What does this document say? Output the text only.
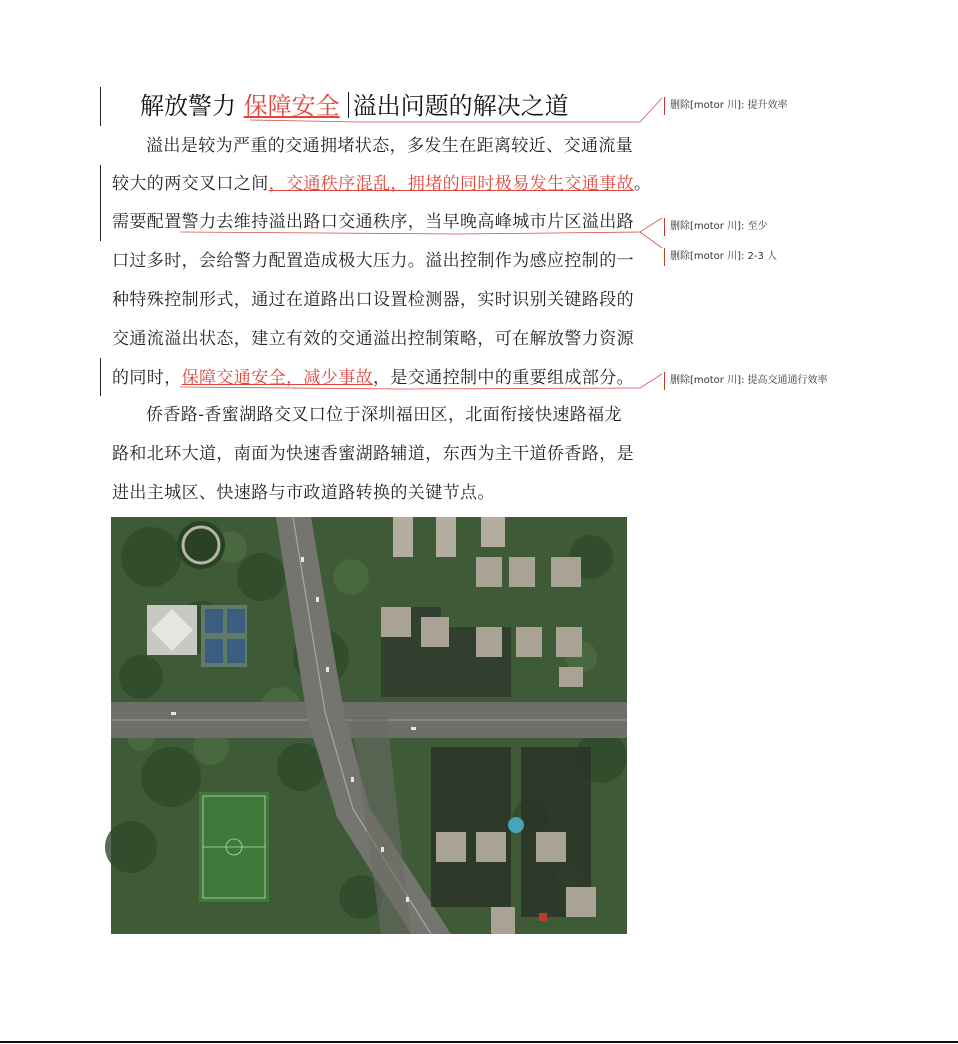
解放警力 保障安全 溢出问题的解决之道
溢出是较为严重的交通拥堵状态，多发生在距离较近、交通流量
较大的两交叉口之间，交通秩序混乱，拥堵的同时极易发生交通事故。
需要配置警力去维持溢出路口交通秩序，当早晚高峰城市片区溢出路
口过多时，会给警力配置造成极大压力。溢出控制作为感应控制的一
种特殊控制形式，通过在道路出口设置检测器，实时识别关键路段的
交通流溢出状态，建立有效的交通溢出控制策略，可在解放警力资源
的同时，保障交通安全，减少事故，是交通控制中的重要组成部分。
侨香路-香蜜湖路交叉口位于深圳福田区，北面衔接快速路福龙
路和北环大道，南面为快速香蜜湖路辅道，东西为主干道侨香路，是
进出主城区、快速路与市政道路转换的关键节点。
删除[motor 川]: 提升效率
删除[motor 川]: 至少
删除[motor 川]: 2-3 人
删除[motor 川]: 提高交通通行效率
